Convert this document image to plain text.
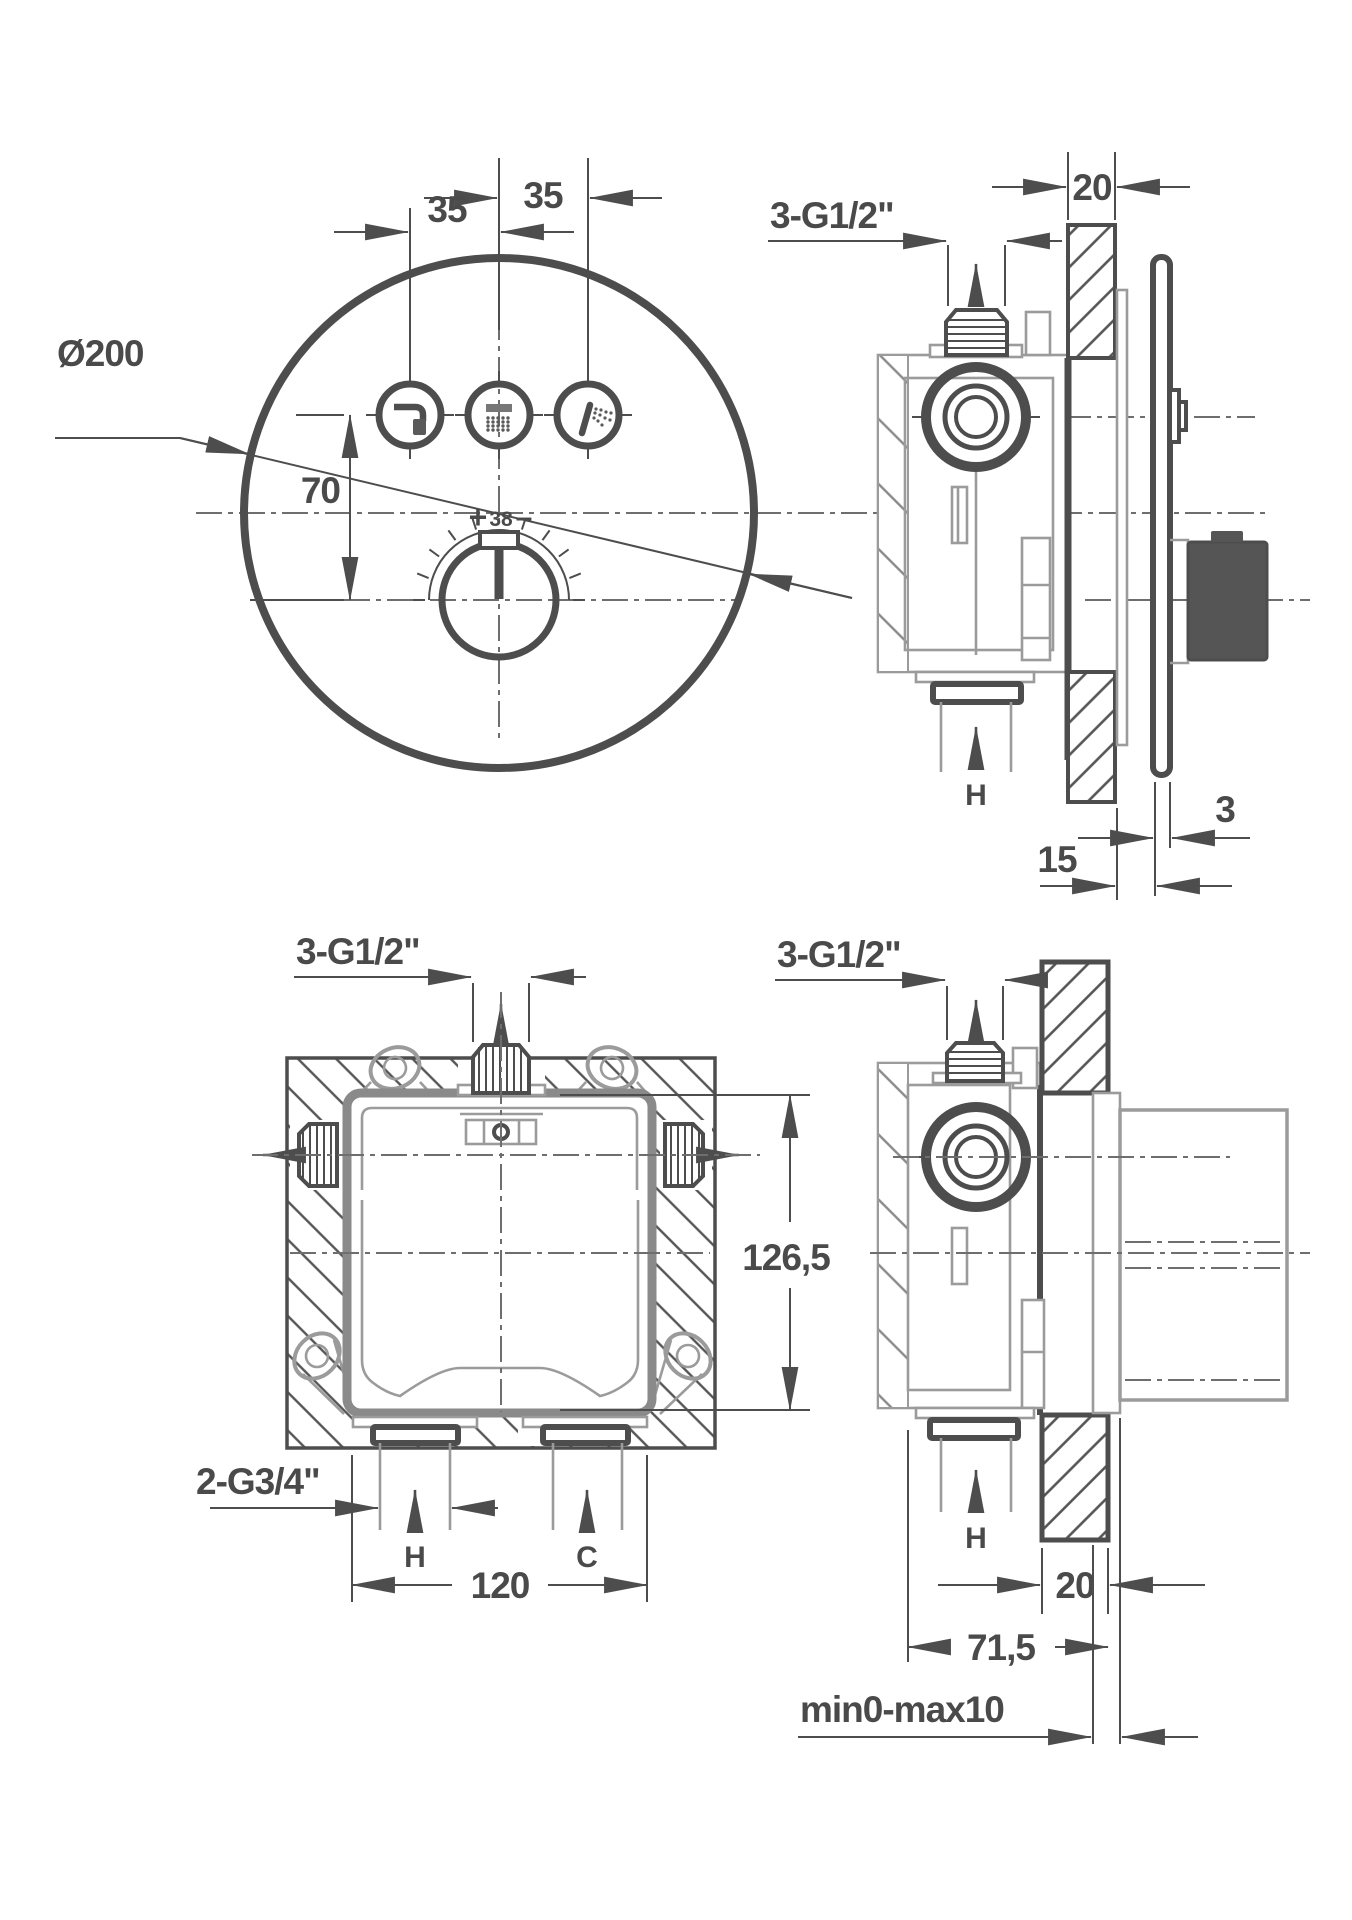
35
35
Ø200
70
+ 38 –
H
20
3-G1/2"
3
15
H	C
3-G1/2"
2-G3/4"
120
126,5
H
3-G1/2"
20
71,5
min0-max10
